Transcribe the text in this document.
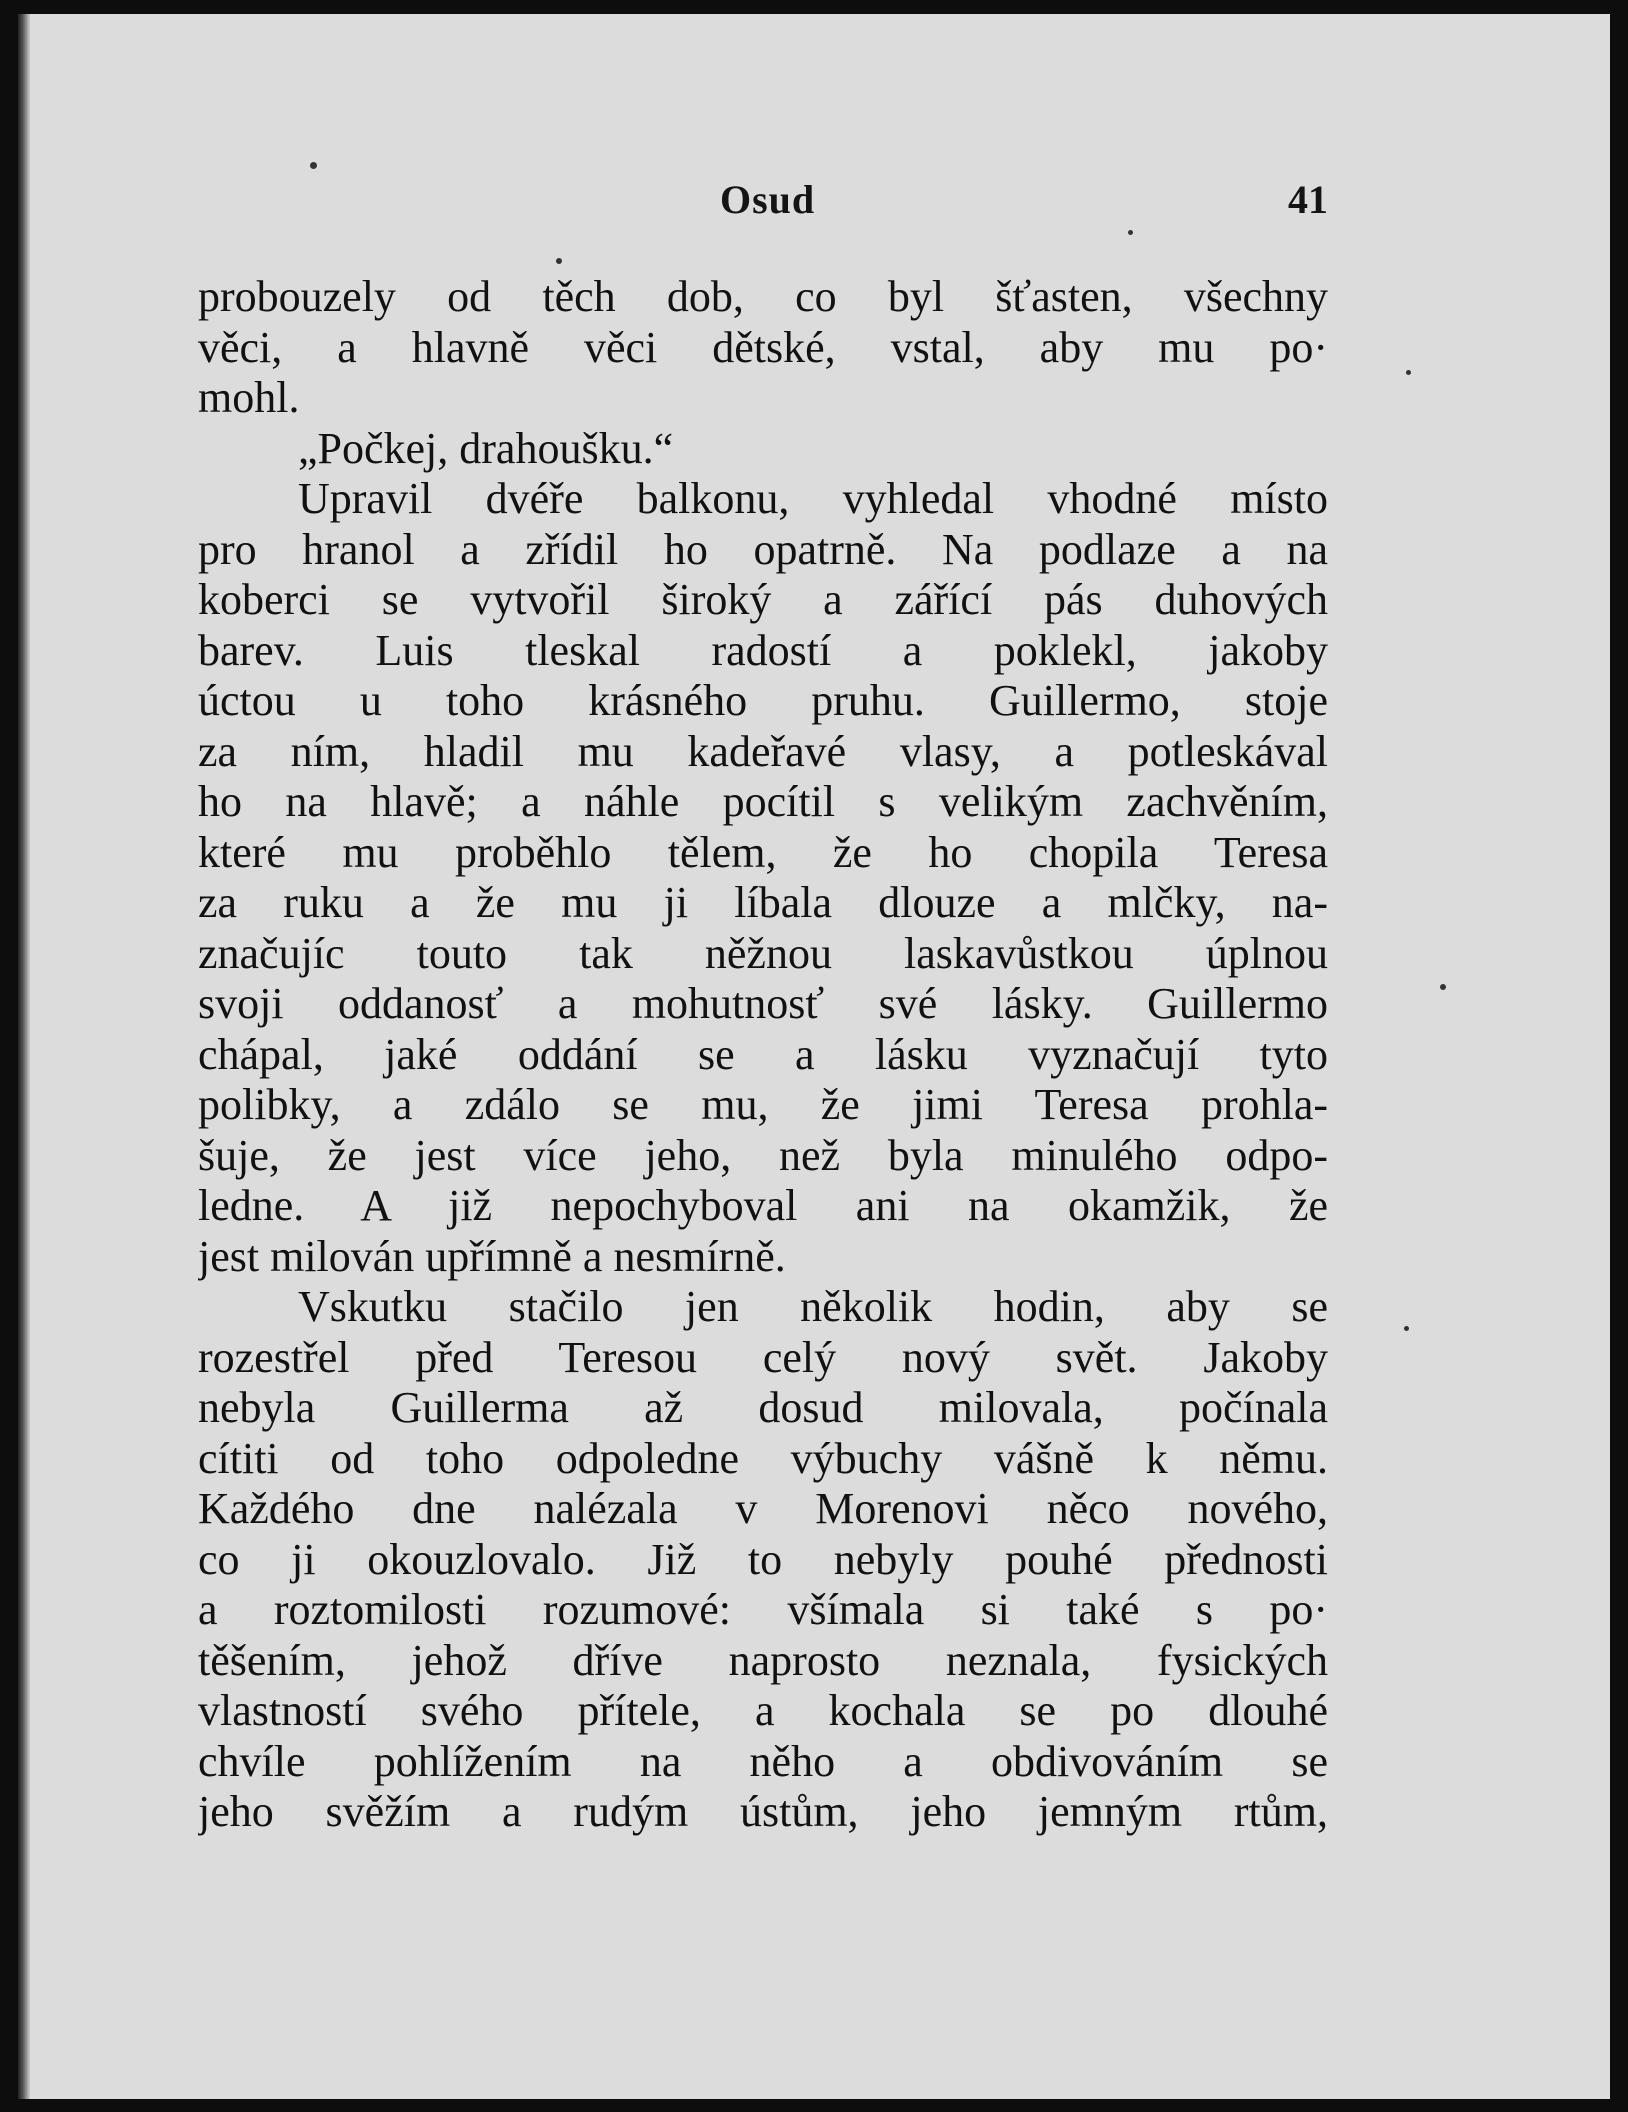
Osud	41
probouzely od těch dob, co byl šťasten, všechny
věci, a hlavně věci dětské, vstal, aby mu po·
mohl.
„Počkej, drahoušku.“
Upravil dvéře balkonu, vyhledal vhodné místo
pro hranol a zřídil ho opatrně. Na podlaze a na
koberci se vytvořil široký a zářící pás duhových
barev. Luis tleskal radostí a poklekl, jakoby
úctou u toho krásného pruhu. Guillermo, stoje
za ním, hladil mu kadeřavé vlasy, a potleskával
ho na hlavě; a náhle pocítil s velikým zachvěním,
které mu proběhlo tělem, že ho chopila Teresa
za ruku a že mu ji líbala dlouze a mlčky, na-
značujíc touto tak něžnou laskavůstkou úplnou
svoji oddanosť a mohutnosť své lásky. Guillermo
chápal, jaké oddání se a lásku vyznačují tyto
polibky, a zdálo se mu, že jimi Teresa prohla-
šuje, že jest více jeho, než byla minulého odpo-
ledne. A již nepochyboval ani na okamžik, že
jest milován upřímně a nesmírně.
Vskutku stačilo jen několik hodin, aby se
rozestřel před Teresou celý nový svět. Jakoby
nebyla Guillerma až dosud milovala, počínala
cítiti od toho odpoledne výbuchy vášně k němu.
Každého dne nalézala v Morenovi něco nového,
co ji okouzlovalo. Již to nebyly pouhé přednosti
a roztomilosti rozumové: všímala si také s po·
těšením, jehož dříve naprosto neznala, fysických
vlastností svého přítele, a kochala se po dlouhé
chvíle pohlížením na něho a obdivováním se
jeho svěžím a rudým ústům, jeho jemným rtům,
